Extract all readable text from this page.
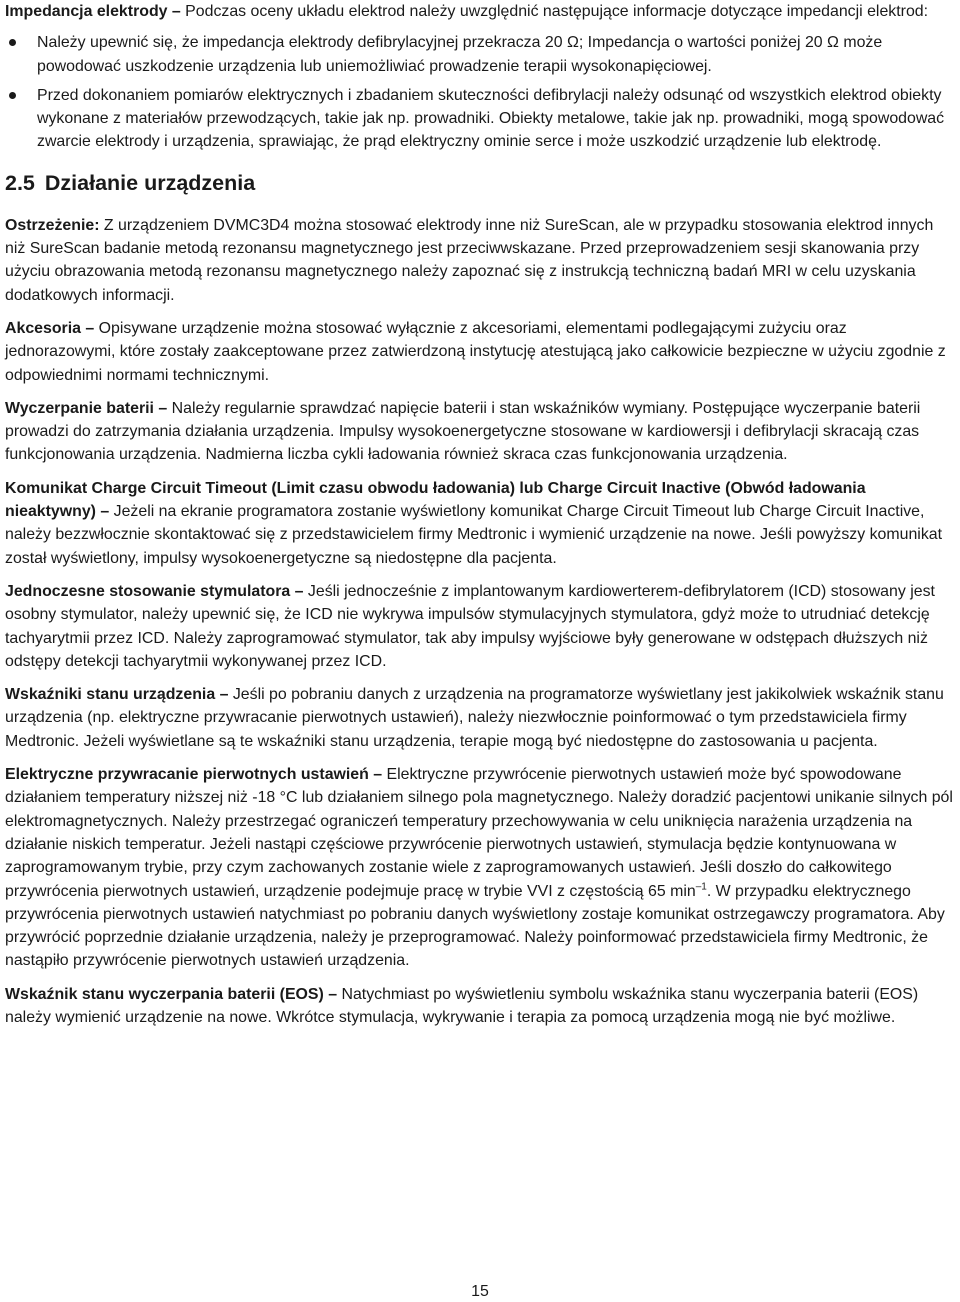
Impedancja elektrody – Podczas oceny układu elektrod należy uwzględnić następujące informacje dotyczące impedancji elektrod:

Należy upewnić się, że impedancja elektrody defibrylacyjnej przekracza 20 Ω; Impedancja o wartości poniżej 20 Ω może powodować uszkodzenie urządzenia lub uniemożliwiać prowadzenie terapii wysokonapięciowej.
Przed dokonaniem pomiarów elektrycznych i zbadaniem skuteczności defibrylacji należy odsunąć od wszystkich elektrod obiekty wykonane z materiałów przewodzących, takie jak np. prowadniki. Obiekty metalowe, takie jak np. prowadniki, mogą spowodować zwarcie elektrody i urządzenia, sprawiając, że prąd elektryczny ominie serce i może uszkodzić urządzenie lub elektrodę.
2.5 Działanie urządzenia

Ostrzeżenie: Z urządzeniem DVMC3D4 można stosować elektrody inne niż SureScan, ale w przypadku stosowania elektrod innych niż SureScan badanie metodą rezonansu magnetycznego jest przeciwwskazane. Przed przeprowadzeniem sesji skanowania przy użyciu obrazowania metodą rezonansu magnetycznego należy zapoznać się z instrukcją techniczną badań MRI w celu uzyskania dodatkowych informacji.

Akcesoria – Opisywane urządzenie można stosować wyłącznie z akcesoriami, elementami podlegającymi zużyciu oraz jednorazowymi, które zostały zaakceptowane przez zatwierdzoną instytucję atestującą jako całkowicie bezpieczne w użyciu zgodnie z odpowiednimi normami technicznymi.

Wyczerpanie baterii – Należy regularnie sprawdzać napięcie baterii i stan wskaźników wymiany. Postępujące wyczerpanie baterii prowadzi do zatrzymania działania urządzenia. Impulsy wysokoenergetyczne stosowane w kardiowersji i defibrylacji skracają czas funkcjonowania urządzenia. Nadmierna liczba cykli ładowania również skraca czas funkcjonowania urządzenia.

Komunikat Charge Circuit Timeout (Limit czasu obwodu ładowania) lub Charge Circuit Inactive (Obwód ładowania nieaktywny) – Jeżeli na ekranie programatora zostanie wyświetlony komunikat Charge Circuit Timeout lub Charge Circuit Inactive, należy bezzwłocznie skontaktować się z przedstawicielem firmy Medtronic i wymienić urządzenie na nowe. Jeśli powyższy komunikat został wyświetlony, impulsy wysokoenergetyczne są niedostępne dla pacjenta.

Jednoczesne stosowanie stymulatora – Jeśli jednocześnie z implantowanym kardiowerterem-defibrylatorem (ICD) stosowany jest osobny stymulator, należy upewnić się, że ICD nie wykrywa impulsów stymulacyjnych stymulatora, gdyż może to utrudniać detekcję tachyarytmii przez ICD. Należy zaprogramować stymulator, tak aby impulsy wyjściowe były generowane w odstępach dłuższych niż odstępy detekcji tachyarytmii wykonywanej przez ICD.

Wskaźniki stanu urządzenia – Jeśli po pobraniu danych z urządzenia na programatorze wyświetlany jest jakikolwiek wskaźnik stanu urządzenia (np. elektryczne przywracanie pierwotnych ustawień), należy niezwłocznie poinformować o tym przedstawiciela firmy Medtronic. Jeżeli wyświetlane są te wskaźniki stanu urządzenia, terapie mogą być niedostępne do zastosowania u pacjenta.

Elektryczne przywracanie pierwotnych ustawień – Elektryczne przywrócenie pierwotnych ustawień może być spowodowane działaniem temperatury niższej niż -18 °C lub działaniem silnego pola magnetycznego. Należy doradzić pacjentowi unikanie silnych pól elektromagnetycznych. Należy przestrzegać ograniczeń temperatury przechowywania w celu uniknięcia narażenia urządzenia na działanie niskich temperatur. Jeżeli nastąpi częściowe przywrócenie pierwotnych ustawień, stymulacja będzie kontynuowana w zaprogramowanym trybie, przy czym zachowanych zostanie wiele z zaprogramowanych ustawień. Jeśli doszło do całkowitego przywrócenia pierwotnych ustawień, urządzenie podejmuje pracę w trybie VVI z częstością 65 $\min^{-1}$. W przypadku elektrycznego przywrócenia pierwotnych ustawień natychmiast po pobraniu danych wyświetlony zostaje komunikat ostrzegawczy programatora. Aby przywrócić poprzednie działanie urządzenia, należy je przeprogramować. Należy poinformować przedstawiciela firmy Medtronic, że nastąpiło przywrócenie pierwotnych ustawień urządzenia.

Wskaźnik stanu wyczerpania baterii (EOS) – Natychmiast po wyświetleniu symbolu wskaźnika stanu wyczerpania baterii (EOS) należy wymienić urządzenie na nowe. Wkrótce stymulacja, wykrywanie i terapia za pomocą urządzenia mogą nie być możliwe.

15
